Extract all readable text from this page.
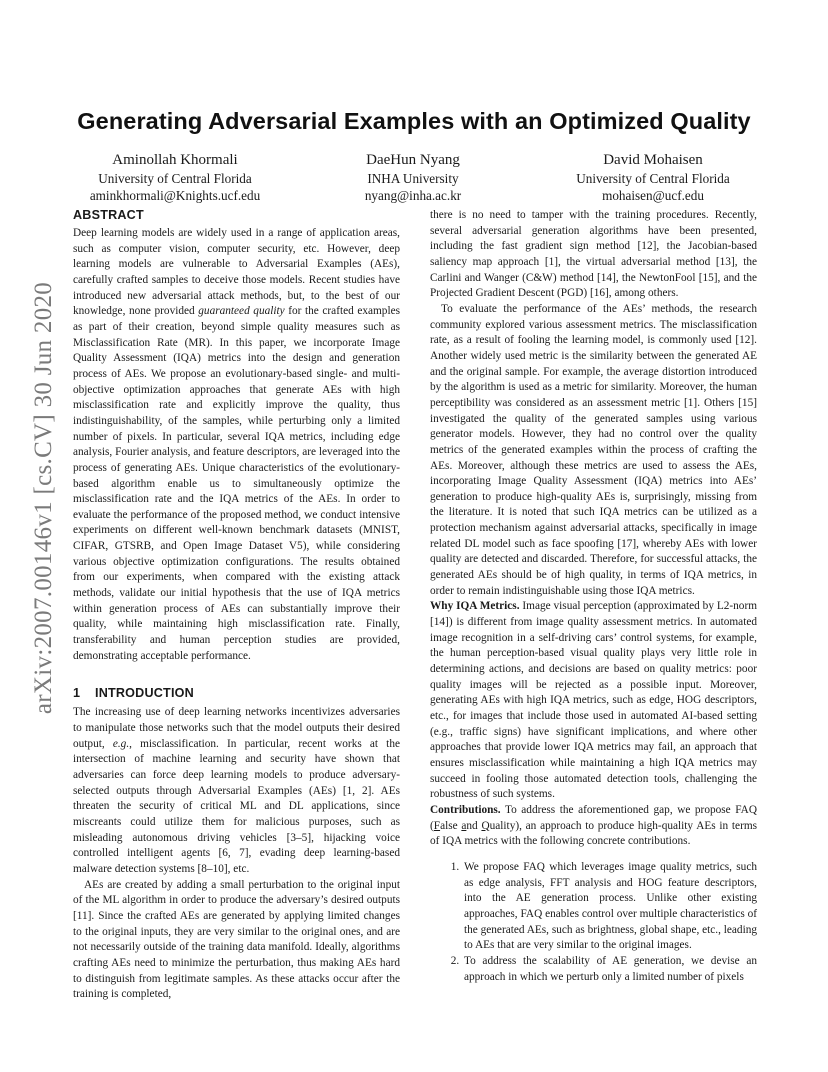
arXiv:2007.00146v1 [cs.CV] 30 Jun 2020
Generating Adversarial Examples with an Optimized Quality
Aminollah Khormali
University of Central Florida
aminkhormali@Knights.ucf.edu
DaeHun Nyang
INHA University
nyang@inha.ac.kr
David Mohaisen
University of Central Florida
mohaisen@ucf.edu
ABSTRACT

Deep learning models are widely used in a range of application areas, such as computer vision, computer security, etc. However, deep learning models are vulnerable to Adversarial Examples (AEs), carefully crafted samples to deceive those models. Recent studies have introduced new adversarial attack methods, but, to the best of our knowledge, none provided guaranteed quality for the crafted examples as part of their creation, beyond simple quality measures such as Misclassification Rate (MR). In this paper, we incorporate Image Quality Assessment (IQA) metrics into the design and generation process of AEs. We propose an evolutionary-based single- and multi-objective optimization approaches that generate AEs with high misclassification rate and explicitly improve the quality, thus indistinguishability, of the samples, while perturbing only a limited number of pixels. In particular, several IQA metrics, including edge analysis, Fourier analysis, and feature descriptors, are leveraged into the process of generating AEs. Unique characteristics of the evolutionary-based algorithm enable us to simultaneously optimize the misclassification rate and the IQA metrics of the AEs. In order to evaluate the performance of the proposed method, we conduct intensive experiments on different well-known benchmark datasets (MNIST, CIFAR, GTSRB, and Open Image Dataset V5), while considering various objective optimization configurations. The results obtained from our experiments, when compared with the existing attack methods, validate our initial hypothesis that the use of IQA metrics within generation process of AEs can substantially improve their quality, while maintaining high misclassification rate. Finally, transferability and human perception studies are provided, demonstrating acceptable performance.

1 INTRODUCTION

The increasing use of deep learning networks incentivizes adversaries to manipulate those networks such that the model outputs their desired output, e.g., misclassification. In particular, recent works at the intersection of machine learning and security have shown that adversaries can force deep learning models to produce adversary-selected outputs through Adversarial Examples (AEs) [1, 2]. AEs threaten the security of critical ML and DL applications, since miscreants could utilize them for malicious purposes, such as misleading autonomous driving vehicles [3–5], hijacking voice controlled intelligent agents [6, 7], evading deep learning-based malware detection systems [8–10], etc.

AEs are created by adding a small perturbation to the original input of the ML algorithm in order to produce the adversary’s desired outputs [11]. Since the crafted AEs are generated by applying limited changes to the original inputs, they are very similar to the original ones, and are not necessarily outside of the training data manifold. Ideally, algorithms crafting AEs need to minimize the perturbation, thus making AEs hard to distinguish from legitimate samples. As these attacks occur after the training is completed,

there is no need to tamper with the training procedures. Recently, several adversarial generation algorithms have been presented, including the fast gradient sign method [12], the Jacobian-based saliency map approach [1], the virtual adversarial method [13], the Carlini and Wanger (C&W) method [14], the NewtonFool [15], and the Projected Gradient Descent (PGD) [16], among others.

To evaluate the performance of the AEs’ methods, the research community explored various assessment metrics. The misclassification rate, as a result of fooling the learning model, is commonly used [12]. Another widely used metric is the similarity between the generated AE and the original sample. For example, the average distortion introduced by the algorithm is used as a metric for similarity. Moreover, the human perceptibility was considered as an assessment metric [1]. Others [15] investigated the quality of the generated samples using various generator models. However, they had no control over the quality metrics of the generated examples within the process of crafting the AEs. Moreover, although these metrics are used to assess the AEs, incorporating Image Quality Assessment (IQA) metrics into AEs’ generation to produce high-quality AEs is, surprisingly, missing from the literature. It is noted that such IQA metrics can be utilized as a protection mechanism against adversarial attacks, specifically in image related DL model such as face spoofing [17], whereby AEs with lower quality are detected and discarded. Therefore, for successful attacks, the generated AEs should be of high quality, in terms of IQA metrics, in order to remain indistinguishable using those IQA metrics.

Why IQA Metrics. Image visual perception (approximated by L2-norm [14]) is different from image quality assessment metrics. In automated image recognition in a self-driving cars’ control systems, for example, the human perception-based visual quality plays very little role in determining actions, and decisions are based on quality metrics: poor quality images will be rejected as a possible input. Moreover, generating AEs with high IQA metrics, such as edge, HOG descriptors, etc., for images that include those used in automated AI-based setting (e.g., traffic signs) have significant implications, and where other approaches that provide lower IQA metrics may fail, an approach that ensures misclassification while maintaining a high IQA metrics may succeed in fooling those automated detection tools, challenging the robustness of such systems.

Contributions. To address the aforementioned gap, we propose FAQ (False and Quality), an approach to produce high-quality AEs in terms of IQA metrics with the following concrete contributions.

1. We propose FAQ which leverages image quality metrics, such as edge analysis, FFT analysis and HOG feature descriptors, into the AE generation process. Unlike other existing approaches, FAQ enables control over multiple characteristics of the generated AEs, such as brightness, global shape, etc., leading to AEs that are very similar to the original images.
2. To address the scalability of AE generation, we devise an approach in which we perturb only a limited number of pixels
